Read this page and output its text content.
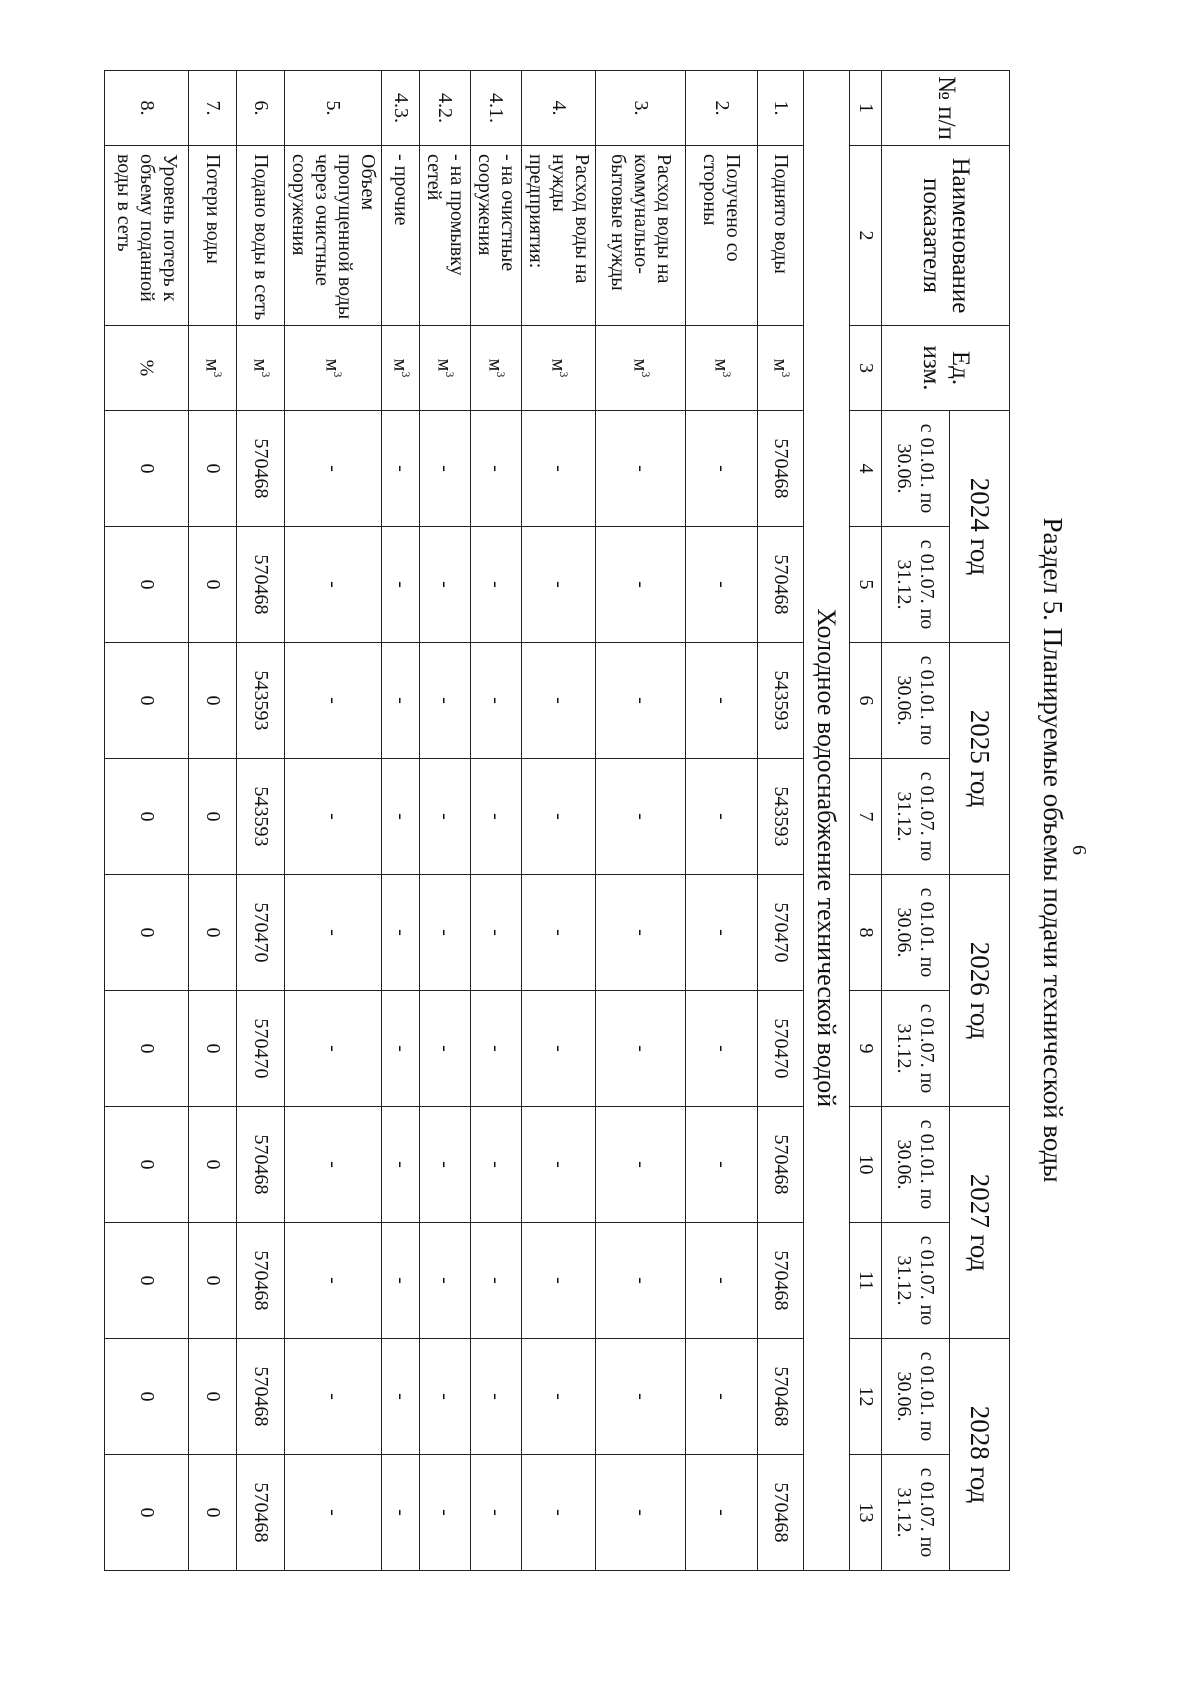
6
Раздел 5. Планируемые объемы подачи технической воды
№ п/п	Наименование показателя	Ед. изм.	2024 год		2025 год		2026 год		2027 год		2028 год	
			с 01.01. по 30.06.	с 01.07. по 31.12.	с 01.01. по 30.06.	с 01.07. по 31.12.	с 01.01. по 30.06.	с 01.07. по 31.12.	с 01.01. по 30.06.	с 01.07. по 31.12.	с 01.01. по 30.06.	с 01.07. по 31.12.
1	2	3	4	5	6	7	8	9	10	11	12	13
	Холодное водоснабжение технической водой											
1.	Поднято воды	$м^3$	570468	570468	543593	543593	570470	570470	570468	570468	570468	570468
2.	Получено со стороны	$м^3$	-	-	-	-	-	-	-	-	-	-
3.	Расход воды на коммунально-бытовые нужды	$м^3$	-	-	-	-	-	-	-	-	-	-
4.	Расход воды на нужды предприятия:	$м^3$	-	-	-	-	-	-	-	-	-	-
4.1.	- на очистные сооружения	$м^3$	-	-	-	-	-	-	-	-	-	-
4.2.	- на промывку сетей	$м^3$	-	-	-	-	-	-	-	-	-	-
4.3.	- прочие	$м^3$	-	-	-	-	-	-	-	-	-	-
5.	Объем пропущенной воды через очистные сооружения	$м^3$	-	-	-	-	-	-	-	-	-	-
6.	Подано воды в сеть	$м^3$	570468	570468	543593	543593	570470	570470	570468	570468	570468	570468
7.	Потери воды	$м^3$	0	0	0	0	0	0	0	0	0	0
8.	Уровень потерь к объему поданной воды в сеть	%	0	0	0	0	0	0	0	0	0	0
